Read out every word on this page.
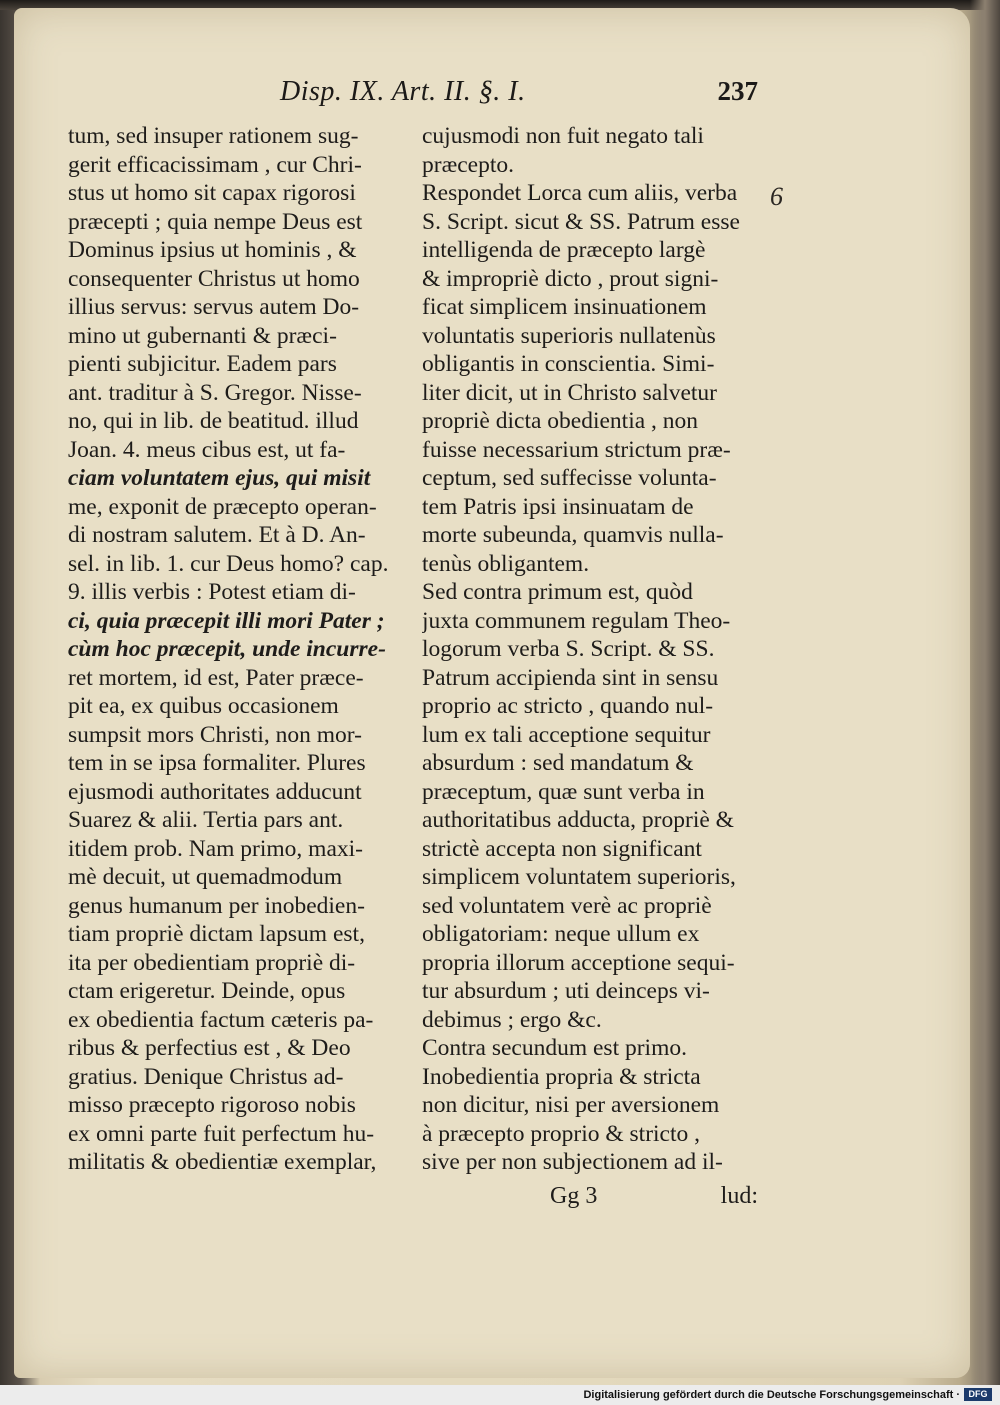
Disp. IX. Art. II. §. I.	237
tum, sed insuper rationem sug-
gerit efficacissimam , cur Chri-
stus ut homo sit capax rigorosi
præcepti ; quia nempe Deus est
Dominus ipsius ut hominis , &
consequenter Christus ut homo
illius servus: servus autem Do-
mino ut gubernanti & præci-
pienti subjicitur. Eadem pars
ant. traditur à S. Gregor. Nisse-
no, qui in lib. de beatitud. illud
Joan. 4. meus cibus est, ut fa-
ciam voluntatem ejus, qui misit
me, exponit de præcepto operan-
di nostram salutem. Et à D. An-
sel. in lib. 1. cur Deus homo? cap.
9. illis verbis : Potest etiam di-
ci, quia præcepit illi mori Pater ;
cùm hoc præcepit, unde incurre-
ret mortem, id est, Pater præce-
pit ea, ex quibus occasionem
sumpsit mors Christi, non mor-
tem in se ipsa formaliter. Plures
ejusmodi authoritates adducunt
Suarez & alii. Tertia pars ant.
itidem prob. Nam primo, maxi-
mè decuit, ut quemadmodum
genus humanum per inobedien-
tiam propriè dictam lapsum est,
ita per obedientiam propriè di-
ctam erigeretur. Deinde, opus
ex obedientia factum cæteris pa-
ribus & perfectius est , & Deo
gratius. Denique Christus ad-
misso præcepto rigoroso nobis
ex omni parte fuit perfectum hu-
militatis & obedientiæ exemplar,
cujusmodi non fuit negato tali
præcepto.
Respondet Lorca cum aliis, verba
S. Script. sicut & SS. Patrum esse
intelligenda de præcepto largè
& impropriè dicto , prout signi-
ficat simplicem insinuationem
voluntatis superioris nullatenùs
obligantis in conscientia. Simi-
liter dicit, ut in Christo salvetur
propriè dicta obedientia , non
fuisse necessarium strictum præ-
ceptum, sed suffecisse volunta-
tem Patris ipsi insinuatam de
morte subeunda, quamvis nulla-
tenùs obligantem.
Sed contra primum est, quòd
juxta communem regulam Theo-
logorum verba S. Script. & SS.
Patrum accipienda sint in sensu
proprio ac stricto , quando nul-
lum ex tali acceptione sequitur
absurdum : sed mandatum &
præceptum, quæ sunt verba in
authoritatibus adducta, propriè &
strictè accepta non significant
simplicem voluntatem superioris,
sed voluntatem verè ac propriè
obligatoriam: neque ullum ex
propria illorum acceptione sequi-
tur absurdum ; uti deinceps vi-
debimus ; ergo &c.
Contra secundum est primo.
Inobedientia propria & stricta
non dicitur, nisi per aversionem
à præcepto proprio & stricto ,
sive per non subjectionem ad il-
6
Gg 3	lud:
Digitalisierung gefördert durch die Deutsche Forschungsgemeinschaft · DFG
